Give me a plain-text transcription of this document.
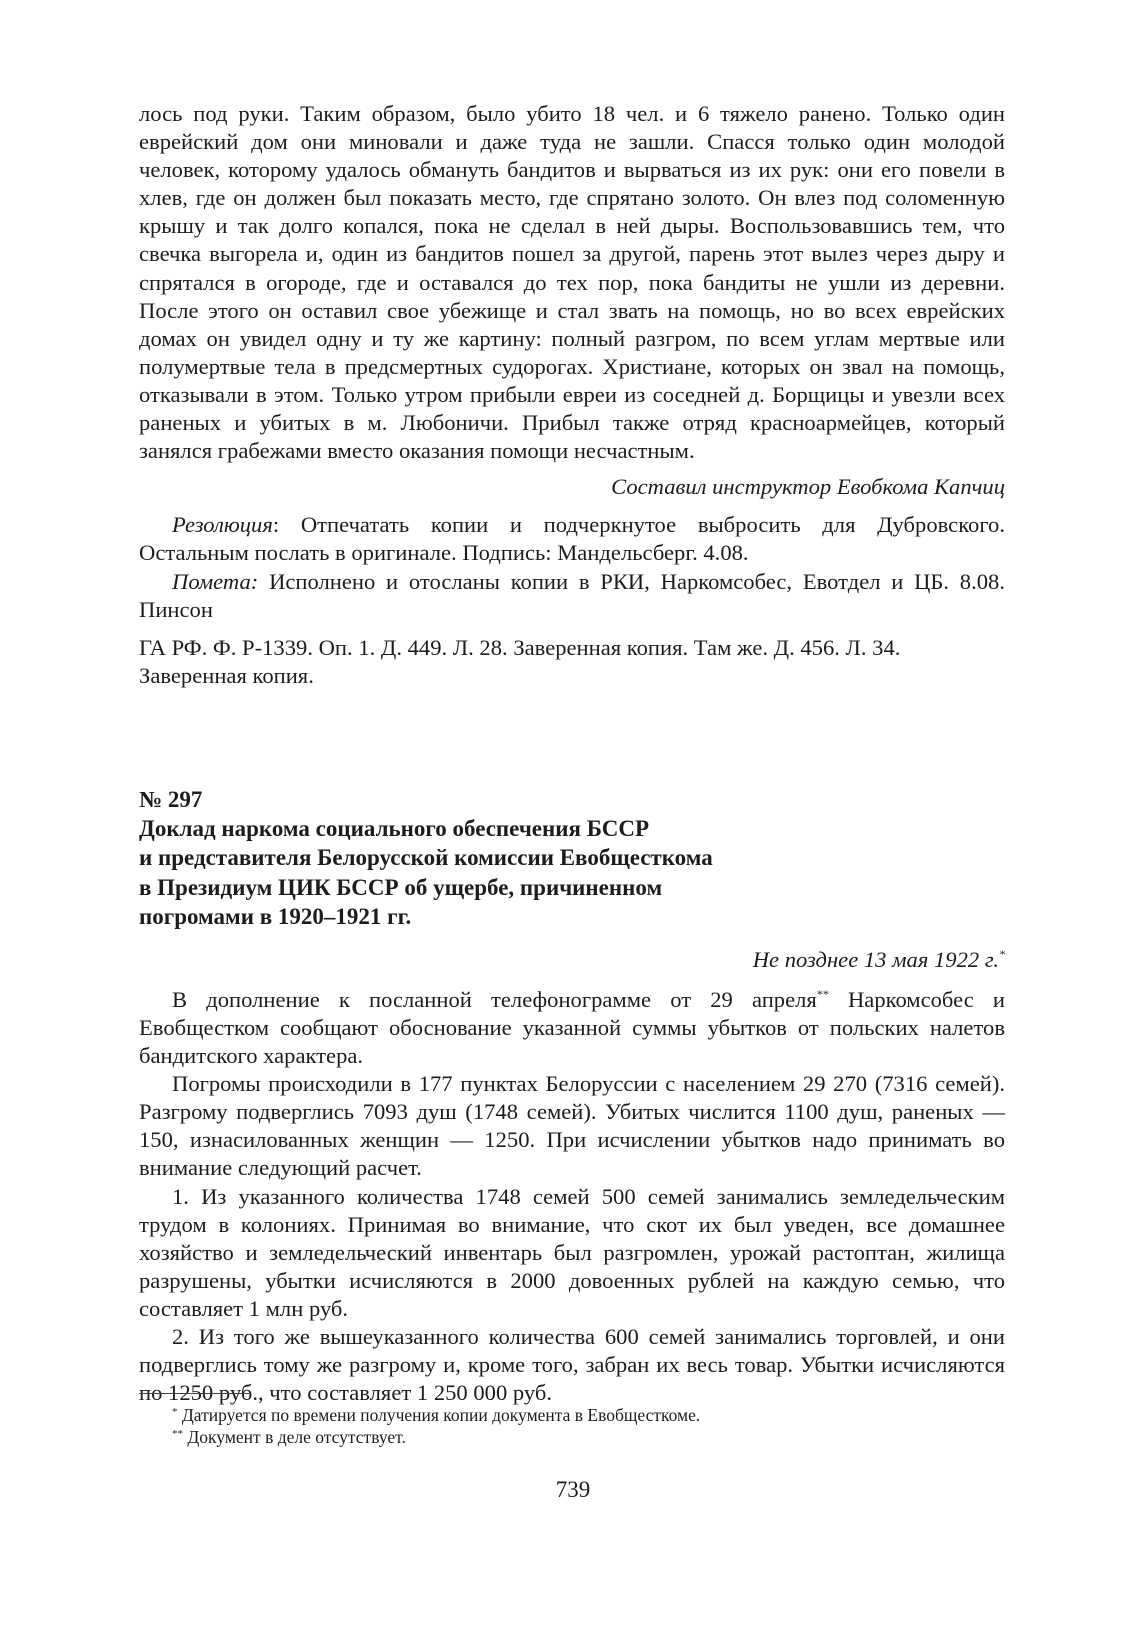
лось под руки. Таким образом, было убито 18 чел. и 6 тяжело ранено. Только один еврейский дом они миновали и даже туда не зашли. Спасся только один молодой человек, которому удалось обмануть бандитов и вырваться из их рук: они его повели в хлев, где он должен был показать место, где спрятано золото. Он влез под соломенную крышу и так долго копался, пока не сделал в ней дыры. Воспользовавшись тем, что свечка выгорела и, один из бандитов пошел за другой, парень этот вылез через дыру и спрятался в огороде, где и оставался до тех пор, пока бандиты не ушли из деревни. После этого он оставил свое убежище и стал звать на помощь, но во всех еврейских домах он увидел одну и ту же картину: полный разгром, по всем углам мертвые или полумертвые тела в предсмертных судорогах. Христиане, которых он звал на помощь, отказывали в этом. Только утром прибыли евреи из соседней д. Борщицы и увезли всех раненых и убитых в м. Любоничи. Прибыл также отряд красноармейцев, который занялся грабежами вместо оказания помощи несчастным.

Составил инструктор Евобкома Капчиц

Резолюция: Отпечатать копии и подчеркнутое выбросить для Дубровского. Остальным послать в оригинале. Подпись: Мандельсберг. 4.08.

Помета: Исполнено и отосланы копии в РКИ, Наркомсобес, Евотдел и ЦБ. 8.08. Пинсон

ГА РФ. Ф. Р-1339. Оп. 1. Д. 449. Л. 28. Заверенная копия. Там же. Д. 456. Л. 34. Заверенная копия.

№ 297

Доклад наркома социального обеспечения БССР

и представителя Белорусской комиссии Евобщесткома

в Президиум ЦИК БССР об ущербе, причиненном

погромами в 1920–1921 гг.

Не позднее 13 мая 1922 г.*

В дополнение к посланной телефонограмме от 29 апреля** Наркомсобес и Евобщестком сообщают обоснование указанной суммы убытков от польских налетов бандитского характера.

Погромы происходили в 177 пунктах Белоруссии с населением 29 270 (7316 семей). Разгрому подверглись 7093 душ (1748 семей). Убитых числится 1100 душ, раненых — 150, изнасилованных женщин — 1250. При исчислении убытков надо принимать во внимание следующий расчет.

1. Из указанного количества 1748 семей 500 семей занимались земледельческим трудом в колониях. Принимая во внимание, что скот их был уведен, все домашнее хозяйство и земледельческий инвентарь был разгромлен, урожай растоптан, жилища разрушены, убытки исчисляются в 2000 довоенных рублей на каждую семью, что составляет 1 млн руб.

2. Из того же вышеуказанного количества 600 семей занимались торговлей, и они подверглись тому же разгрому и, кроме того, забран их весь товар. Убытки исчисляются по 1250 руб., что составляет 1 250 000 руб.

* Датируется по времени получения копии документа в Евобщесткоме.

** Документ в деле отсутствует.

739
